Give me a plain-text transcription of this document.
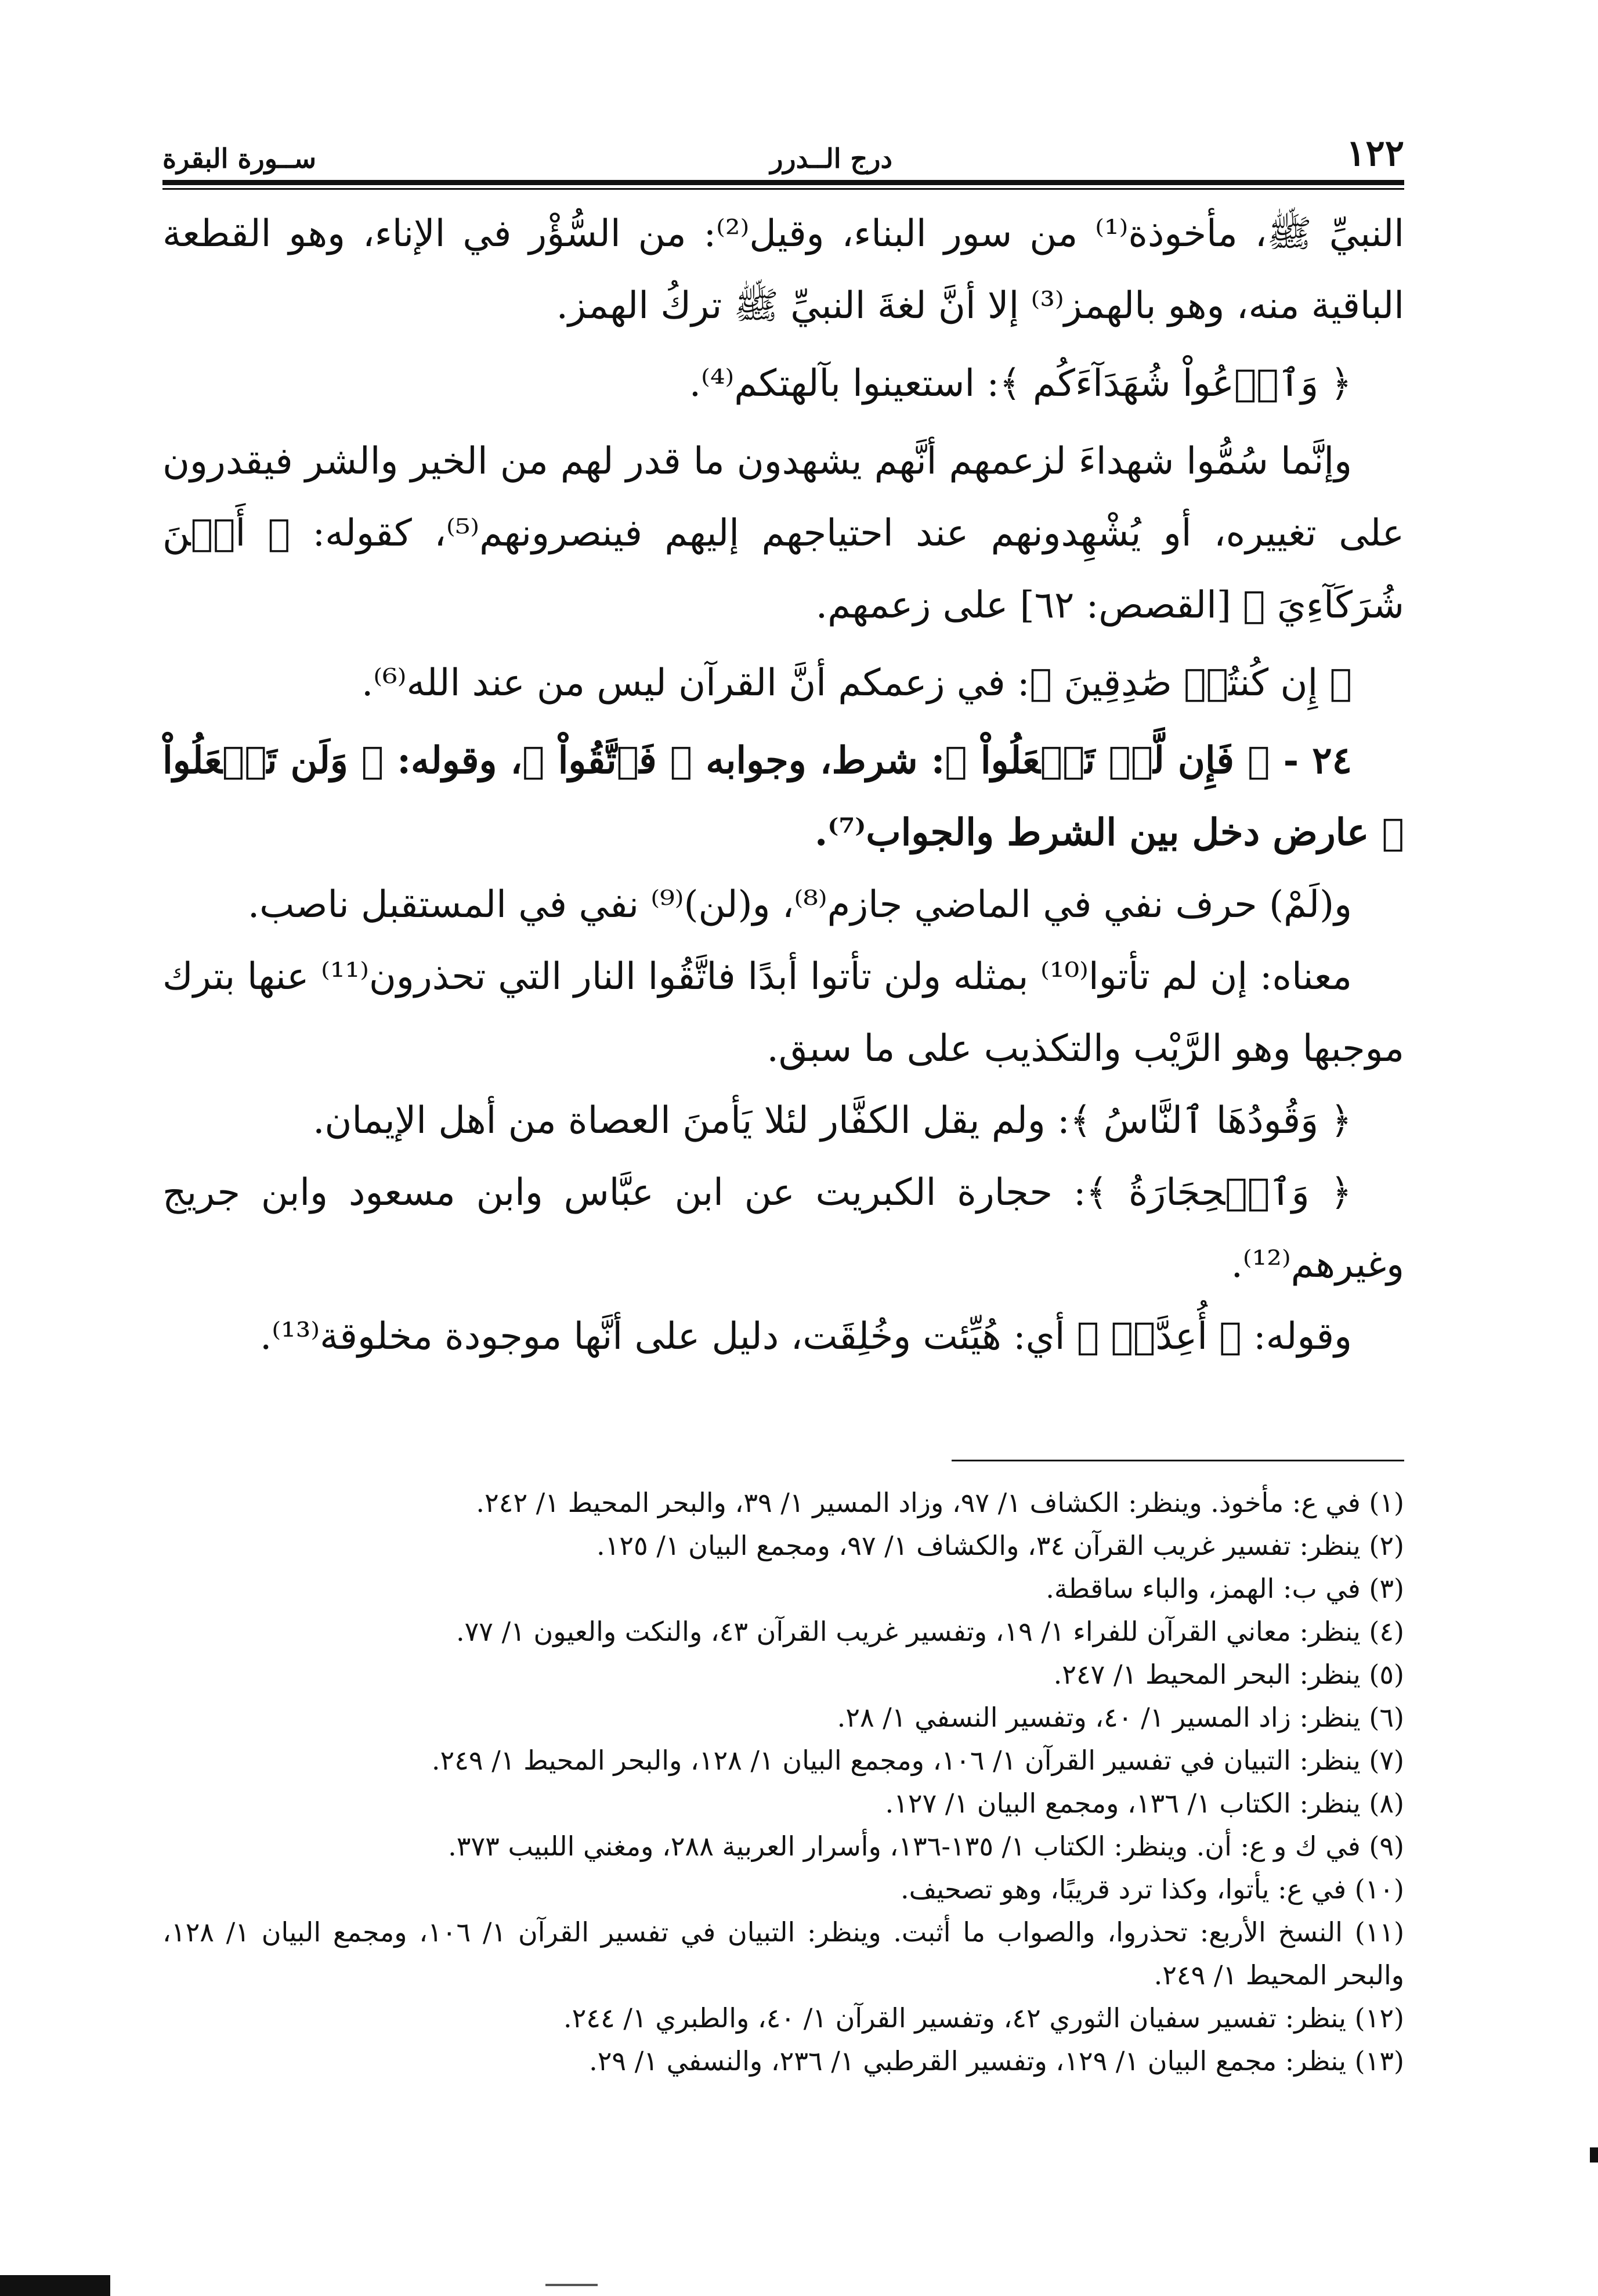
١٢٢
درج الــدرر
ســورة البقرة

النبيِّ ﷺ، مأخوذة⁽¹⁾ من سور البناء، وقيل⁽²⁾: من السُّؤْر في الإناء، وهو القطعة الباقية منه، وهو بالهمز⁽³⁾ إلا أنَّ لغةَ النبيِّ ﷺ تركُ الهمز.

﴿ وَٱدۡعُواْ شُهَدَآءَكُم ﴾: استعينوا بآلهتكم⁽⁴⁾.

وإنَّما سُمُّوا شهداءَ لزعمهم أنَّهم يشهدون ما قدر لهم من الخير والشر فيقدرون على تغييره، أو يُشْهِدونهم عند احتياجهم إليهم فينصرونهم⁽⁵⁾، كقوله: ﴿ أَيۡنَ شُرَكَآءِيَ ﴾ [القصص: ٦٢] على زعمهم.

﴿ إِن كُنتُمۡ صَٰدِقِينَ ﴾: في زعمكم أنَّ القرآن ليس من عند الله⁽⁶⁾.

٢٤ - ﴿ فَإِن لَّمۡ تَفۡعَلُواْ ﴾: شرط، وجوابه ﴿ فَٱتَّقُواْ ﴾، وقوله: ﴿ وَلَن تَفۡعَلُواْ ﴾ عارض دخل بين الشرط والجواب⁽⁷⁾.

و(لَمْ) حرف نفي في الماضي جازم⁽⁸⁾، و(لن)⁽⁹⁾ نفي في المستقبل ناصب.

معناه: إن لم تأتوا⁽¹⁰⁾ بمثله ولن تأتوا أبدًا فاتَّقُوا النار التي تحذرون⁽¹¹⁾ عنها بترك موجبها وهو الرَّيْب والتكذيب على ما سبق.

﴿ وَقُودُهَا ٱلنَّاسُ ﴾: ولم يقل الكفَّار لئلا يَأمنَ العصاة من أهل الإيمان.

﴿ وَٱلۡحِجَارَةُ ﴾: حجارة الكبريت عن ابن عبَّاس وابن مسعود وابن جريج وغيرهم⁽¹²⁾.

وقوله: ﴿ أُعِدَّتۡ ﴾ أي: هُيِّئت وخُلِقَت، دليل على أنَّها موجودة مخلوقة⁽¹³⁾.

(١) في ع: مأخوذ. وينظر: الكشاف ١/ ٩٧، وزاد المسير ١/ ٣٩، والبحر المحيط ١/ ٢٤٢.

(٢) ينظر: تفسير غريب القرآن ٣٤، والكشاف ١/ ٩٧، ومجمع البيان ١/ ١٢٥.

(٣) في ب: الهمز، والباء ساقطة.

(٤) ينظر: معاني القرآن للفراء ١/ ١٩، وتفسير غريب القرآن ٤٣، والنكت والعيون ١/ ٧٧.

(٥) ينظر: البحر المحيط ١/ ٢٤٧.

(٦) ينظر: زاد المسير ١/ ٤٠، وتفسير النسفي ١/ ٢٨.

(٧) ينظر: التبيان في تفسير القرآن ١/ ١٠٦، ومجمع البيان ١/ ١٢٨، والبحر المحيط ١/ ٢٤٩.

(٨) ينظر: الكتاب ١/ ١٣٦، ومجمع البيان ١/ ١٢٧.

(٩) في ك و ع: أن. وينظر: الكتاب ١/ ١٣٥-١٣٦، وأسرار العربية ٢٨٨، ومغني اللبيب ٣٧٣.

(١٠) في ع: يأتوا، وكذا ترد قريبًا، وهو تصحيف.

(١١) النسخ الأربع: تحذروا، والصواب ما أثبت. وينظر: التبيان في تفسير القرآن ١/ ١٠٦، ومجمع البيان ١/ ١٢٨، والبحر المحيط ١/ ٢٤٩.

(١٢) ينظر: تفسير سفيان الثوري ٤٢، وتفسير القرآن ١/ ٤٠، والطبري ١/ ٢٤٤.

(١٣) ينظر: مجمع البيان ١/ ١٢٩، وتفسير القرطبي ١/ ٢٣٦، والنسفي ١/ ٢٩.
